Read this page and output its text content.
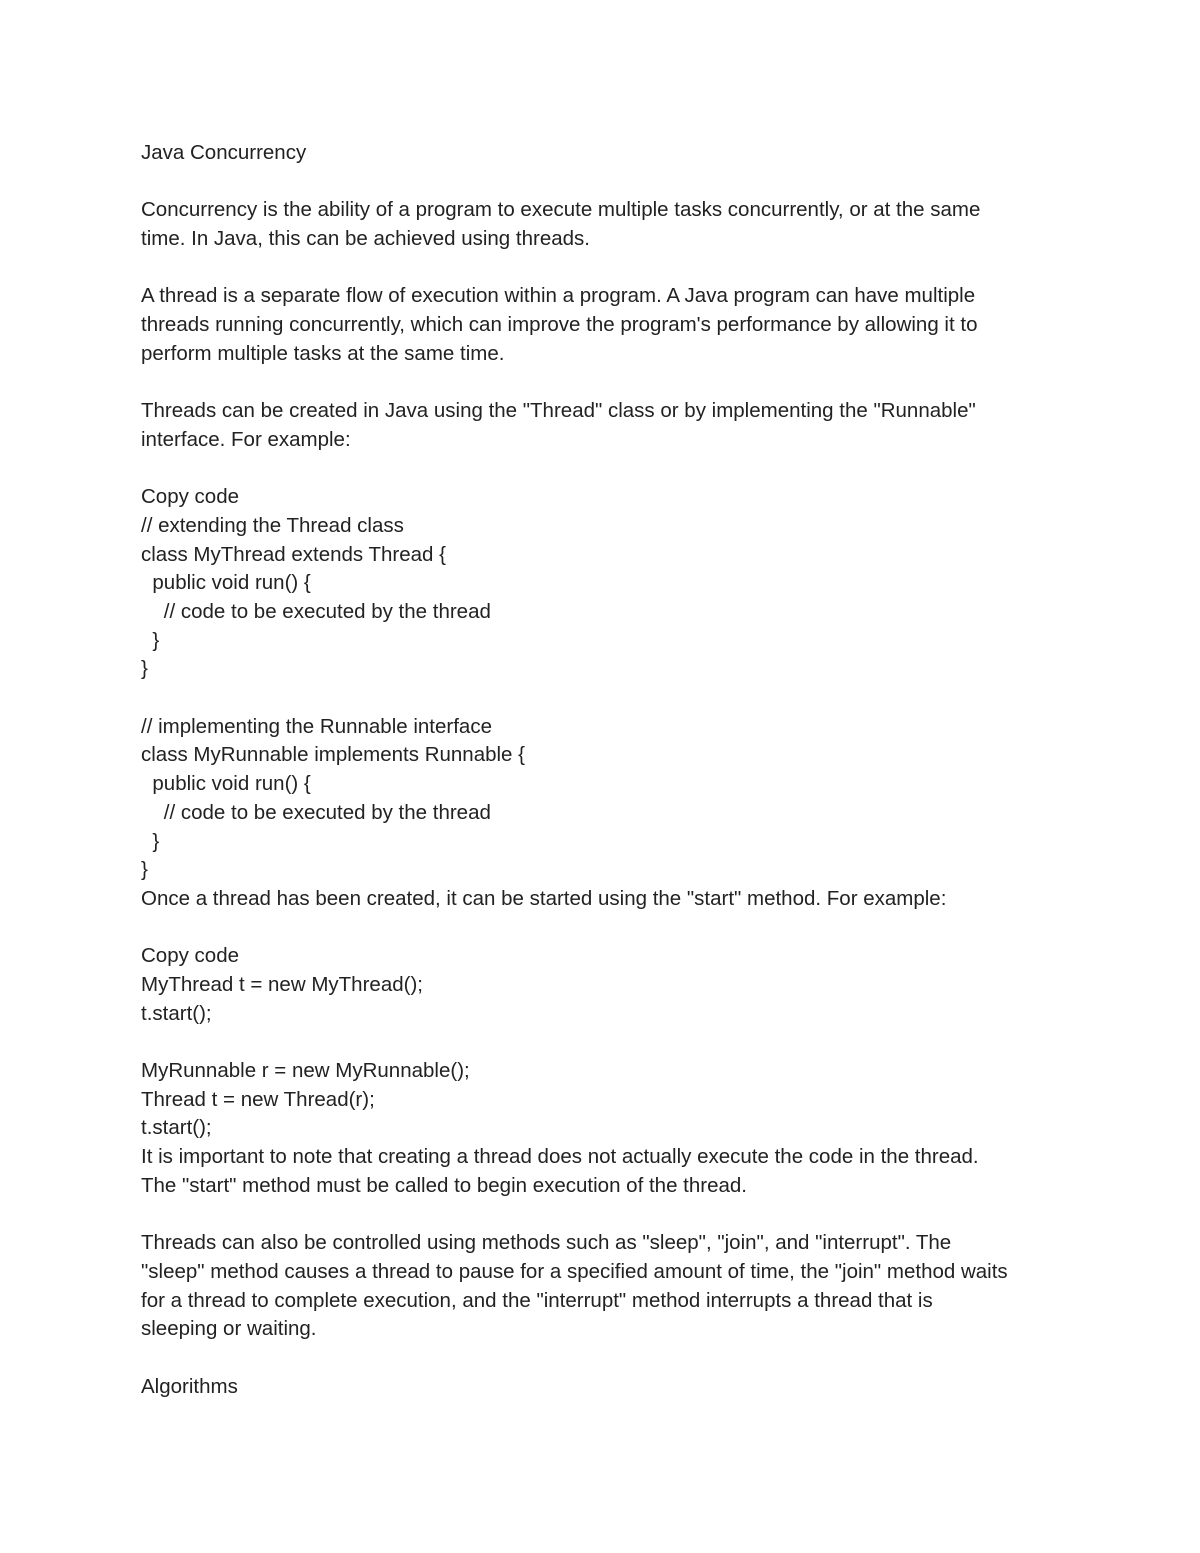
Java Concurrency
Concurrency is the ability of a program to execute multiple tasks concurrently, or at the same
time. In Java, this can be achieved using threads.
A thread is a separate flow of execution within a program. A Java program can have multiple
threads running concurrently, which can improve the program's performance by allowing it to
perform multiple tasks at the same time.
Threads can be created in Java using the "Thread" class or by implementing the "Runnable"
interface. For example:
Copy code
// extending the Thread class
class MyThread extends Thread {
public void run() {
// code to be executed by the thread
}
}
// implementing the Runnable interface
class MyRunnable implements Runnable {
public void run() {
// code to be executed by the thread
}
}
Once a thread has been created, it can be started using the "start" method. For example:
Copy code
MyThread t = new MyThread();
t.start();
MyRunnable r = new MyRunnable();
Thread t = new Thread(r);
t.start();
It is important to note that creating a thread does not actually execute the code in the thread.
The "start" method must be called to begin execution of the thread.
Threads can also be controlled using methods such as "sleep", "join", and "interrupt". The
"sleep" method causes a thread to pause for a specified amount of time, the "join" method waits
for a thread to complete execution, and the "interrupt" method interrupts a thread that is
sleeping or waiting.
Algorithms
